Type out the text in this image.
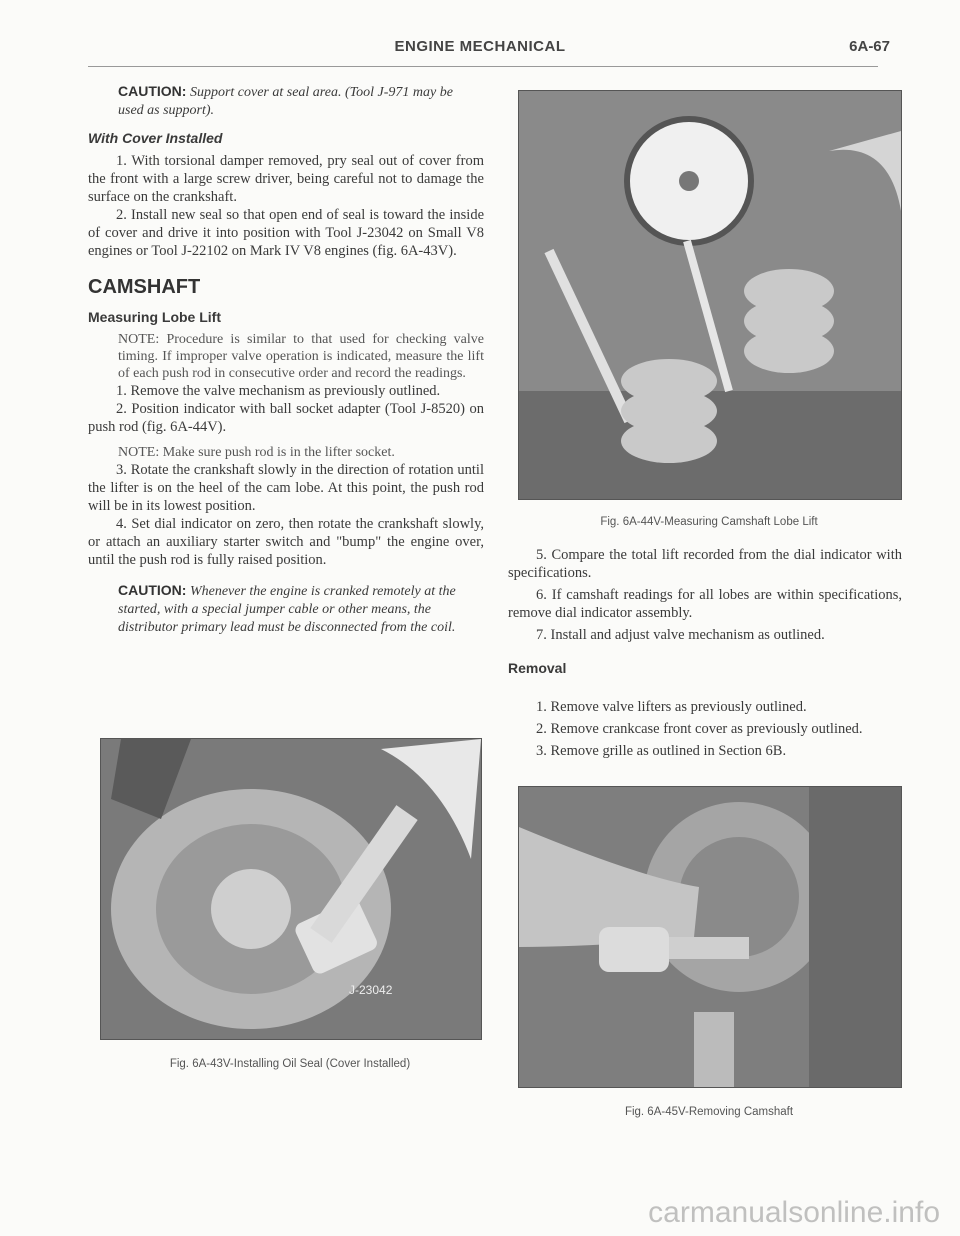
ENGINE MECHANICAL	6A-67

CAUTION: Support cover at seal area. (Tool J-971 may be used as support).

With Cover Installed

1. With torsional damper removed, pry seal out of cover from the front with a large screw driver, being careful not to damage the surface on the crankshaft.

2. Install new seal so that open end of seal is toward the inside of cover and drive it into position with Tool J-23042 on Small V8 engines or Tool J-22102 on Mark IV V8 engines (fig. 6A-43V).

CAMSHAFT
Measuring Lobe Lift

NOTE: Procedure is similar to that used for checking valve timing. If improper valve operation is indicated, measure the lift of each push rod in consecutive order and record the readings.

1. Remove the valve mechanism as previously outlined.

2. Position indicator with ball socket adapter (Tool J-8520) on push rod (fig. 6A-44V).

NOTE: Make sure push rod is in the lifter socket.

3. Rotate the crankshaft slowly in the direction of rotation until the lifter is on the heel of the cam lobe. At this point, the push rod will be in its lowest position.

4. Set dial indicator on zero, then rotate the crankshaft slowly, or attach an auxiliary starter switch and "bump" the engine over, until the push rod is fully raised position.

CAUTION: Whenever the engine is cranked remotely at the started, with a special jumper cable or other means, the distributor primary lead must be disconnected from the coil.

J-23042
Fig. 6A-43V-Installing Oil Seal (Cover Installed)
Fig. 6A-44V-Measuring Camshaft Lobe Lift

5. Compare the total lift recorded from the dial indicator with specifications.

6. If camshaft readings for all lobes are within specifications, remove dial indicator assembly.

7. Install and adjust valve mechanism as outlined.

Removal

1. Remove valve lifters as previously outlined.

2. Remove crankcase front cover as previously outlined.

3. Remove grille as outlined in Section 6B.

Fig. 6A-45V-Removing Camshaft
carmanualsonline.info
